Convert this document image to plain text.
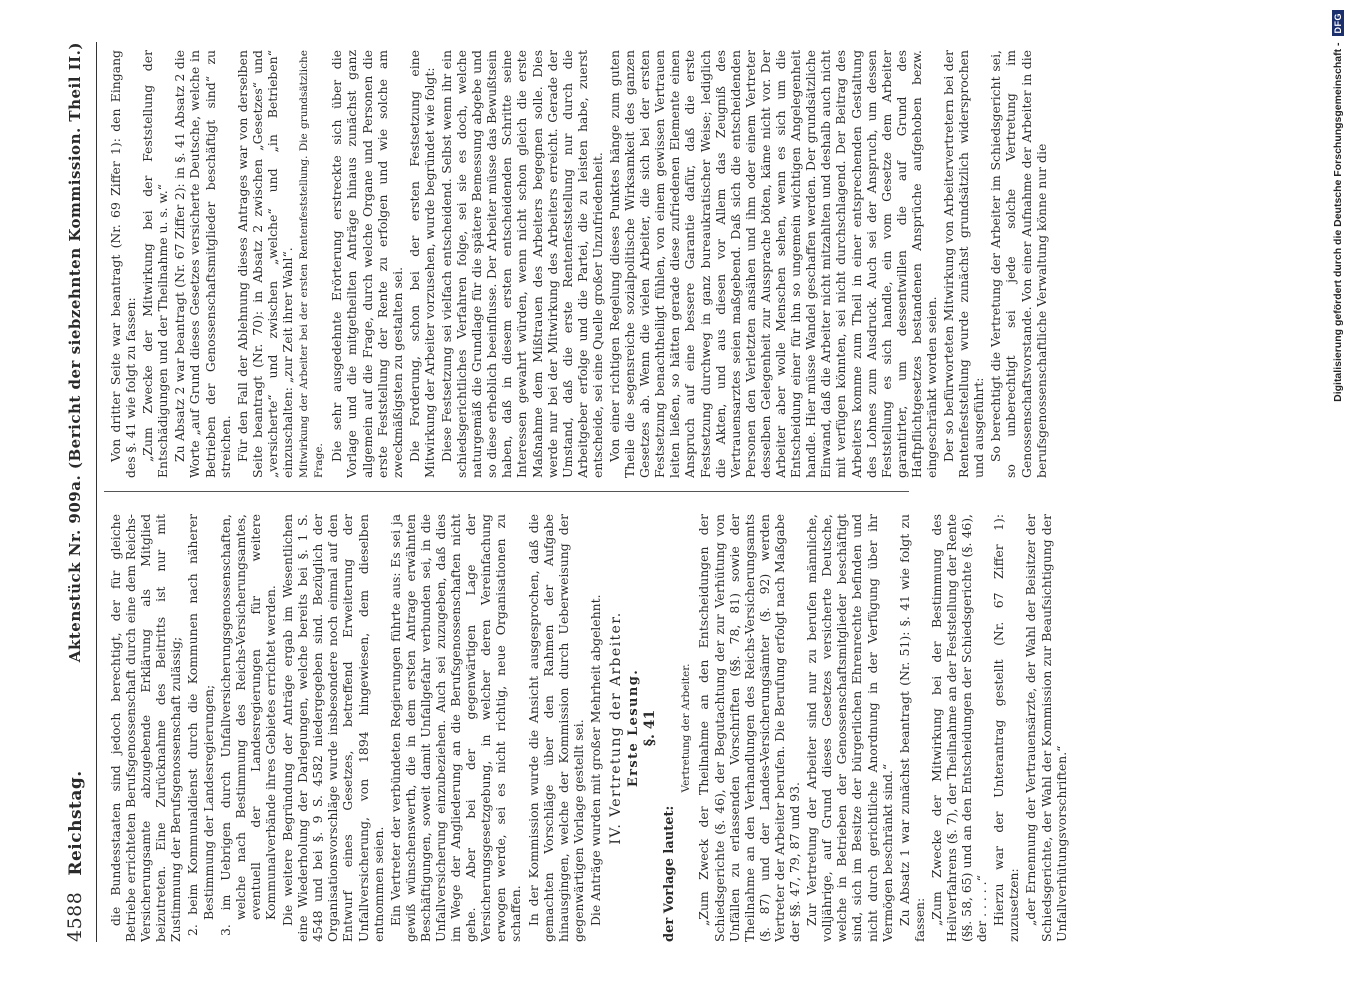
4588
Reichstag.
Aktenstück Nr. 909a. (Bericht der siebzehnten Kommission. Theil II.)

die Bundesstaaten sind jedoch berechtigt, der für gleiche Betriebe errichteten Berufsgenossenschaft durch eine dem Reichs-Versicherungsamte abzugebende Erklärung als Mitglied beizutreten. Eine Zurücknahme des Beitritts ist nur mit Zustimmung der Berufsgenossenschaft zulässig; 2. beim Kommunaldienst durch die Kommunen nach näherer Bestimmung der Landesregierungen; 3. im Uebrigen durch Unfallversicherungsgenossenschaften, welche nach Bestimmung des Reichs-Versicherungsamtes, eventuell der Landesregierungen für weitere Kommunalverbände ihres Gebietes errichtet werden. Die weitere Begründung der Anträge ergab im Wesentlichen eine Wiederholung der Darlegungen, welche bereits bei §. 1 S. 4548 und bei §. 9 S. 4582 niedergegeben sind. Bezüglich der Organisationsvorschläge wurde insbesondere noch einmal auf den Entwurf eines Gesetzes, betreffend Erweiterung der Unfallversicherung, von 1894 hingewiesen, dem dieselben entnommen seien. Ein Vertreter der verbündeten Regierungen führte aus: Es sei ja gewiß wünschenswerth, die in dem ersten Antrage erwähnten Beschäftigungen, soweit damit Unfallgefahr verbunden sei, in die Unfallversicherung einzubeziehen. Auch sei zuzugeben, daß dies im Wege der Angliederung an die Berufsgenossenschaften nicht gehe. Aber bei der gegenwärtigen Lage der Versicherungsgesetzgebung, in welcher deren Vereinfachung erwogen werde, sei es nicht richtig, neue Organisationen zu schaffen. In der Kommission wurde die Ansicht ausgesprochen, daß die gemachten Vorschläge über den Rahmen der Aufgabe hinausgingen, welche der Kommission durch Ueberweisung der gegenwärtigen Vorlage gestellt sei. Die Anträge wurden mit großer Mehrheit abgelehnt. IV. Vertretung der Arbeiter. Erste Lesung. §. 41
der Vorlage lautet:

Vertretung der Arbeiter. „Zum Zweck der Theilnahme an den Entscheidungen der Schiedsgerichte (§. 46), der Begutachtung der zur Verhütung von Unfällen zu erlassenden Vorschriften (§§. 78, 81) sowie der Theilnahme an den Verhandlungen des Reichs-Versicherungsamts (§. 87) und der Landes-Versicherungsämter (§. 92) werden Vertreter der Arbeiter berufen. Die Berufung erfolgt nach Maßgabe der §§. 47, 79, 87 und 93. Zur Vertretung der Arbeiter sind nur zu berufen männliche, volljährige, auf Grund dieses Gesetzes versicherte Deutsche, welche in Betrieben der Genossenschaftsmitglieder beschäftigt sind, sich im Besitze der bürgerlichen Ehrenrechte befinden und nicht durch gerichtliche Anordnung in der Verfügung über ihr Vermögen beschränkt sind.“ Zu Absatz 1 war zunächst beantragt (Nr. 51): §. 41 wie folgt zu fassen: „Zum Zwecke der Mitwirkung bei der Bestimmung des Heilverfahrens (§. 7), der Theilnahme an der Feststellung der Rente (§§. 58, 65) und an den Entscheidungen der Schiedsgerichte (§. 46), der . . . . .“ Hierzu war der Unterantrag gestellt (Nr. 67 Ziffer 1): zuzusetzen: „der Ernennung der Vertrauensärzte, der Wahl der Beisitzer der Schiedsgerichte, der Wahl der Kommission zur Beaufsichtigung der Unfallverhütungsvorschriften.“

Von dritter Seite war beantragt (Nr. 69 Ziffer 1): den Eingang des §. 41 wie folgt zu fassen: „Zum Zwecke der Mitwirkung bei der Feststellung der Entschädigungen und der Theilnahme u. s. w.“ Zu Absatz 2 war beantragt (Nr. 67 Ziffer 2): in §. 41 Absatz 2 die Worte „auf Grund dieses Gesetzes versicherte Deutsche, welche in Betrieben der Genossenschaftsmitglieder beschäftigt sind“ zu streichen. Für den Fall der Ablehnung dieses Antrages war von derselben Seite beantragt (Nr. 70): in Absatz 2 zwischen „Gesetzes“ und „versicherte“ und zwischen „welche“ und „in Betrieben“ einzuschalten: „zur Zeit ihrer Wahl“. Mitwirkung der Arbeiter bei der ersten Rentenfeststellung. Die grundsätzliche Frage. Die sehr ausgedehnte Erörterung erstreckte sich über die Vorlage und die mitgetheilten Anträge hinaus zunächst ganz allgemein auf die Frage, durch welche Organe und Personen die erste Feststellung der Rente zu erfolgen und wie solche am zweckmäßigsten zu gestalten sei. Die Forderung, schon bei der ersten Festsetzung eine Mitwirkung der Arbeiter vorzusehen, wurde begründet wie folgt: Diese Festsetzung sei vielfach entscheidend. Selbst wenn ihr ein schiedsgerichtliches Verfahren folge, sei sie es doch, welche naturgemäß die Grundlage für die spätere Bemessung abgebe und so diese erheblich beeinflusse. Der Arbeiter müsse das Bewußtsein haben, daß in diesem ersten entscheidenden Schritte seine Interessen gewahrt würden, wenn nicht schon gleich die erste Maßnahme dem Mißtrauen des Arbeiters begegnen solle. Dies werde nur bei der Mitwirkung des Arbeiters erreicht. Gerade der Umstand, daß die erste Rentenfeststellung nur durch die Arbeitgeber erfolge und die Partei, die zu leisten habe, zuerst entscheide, sei eine Quelle großer Unzufriedenheit. Von einer richtigen Regelung dieses Punktes hänge zum guten Theile die segensreiche sozialpolitische Wirksamkeit des ganzen Gesetzes ab. Wenn die vielen Arbeiter, die sich bei der ersten Festsetzung benachtheiligt fühlen, von einem gewissen Vertrauen leiten ließen, so hätten gerade diese zufriedenen Elemente einen Anspruch auf eine bessere Garantie dafür, daß die erste Festsetzung durchweg in ganz bureaukratischer Weise; lediglich die Akten, und aus diesen vor Allem das Zeugniß des Vertrauensarztes seien maßgebend. Daß sich die entscheidenden Personen den Verletzten ansähen und ihm oder einem Vertreter desselben Gelegenheit zur Aussprache böten, käme nicht vor. Der Arbeiter aber wolle Menschen sehen, wenn es sich um die Entscheidung einer für ihn so ungemein wichtigen Angelegenheit handle. Hier müsse Wandel geschaffen werden. Der grundsätzliche Einwand, daß die Arbeiter nicht mitzahlten und deshalb auch nicht mit verfügen könnten, sei nicht durchschlagend. Der Beitrag des Arbeiters komme zum Theil in einer entsprechenden Gestaltung des Lohnes zum Ausdruck. Auch sei der Anspruch, um dessen Feststellung es sich handle, ein vom Gesetze dem Arbeiter garantirter, um dessentwillen die auf Grund des Haftpflichtgesetzes bestandenen Ansprüche aufgehoben bezw. eingeschränkt worden seien. Der so befürworteten Mitwirkung von Arbeitervertretern bei der Rentenfeststellung wurde zunächst grundsätzlich widersprochen und ausgeführt: So berechtigt die Vertretung der Arbeiter im Schiedsgericht sei, so unberechtigt sei jede solche Vertretung im Genossenschaftsvorstande. Von einer Aufnahme der Arbeiter in die berufsgenossenschaftliche Verwaltung könne nur die	Digitalisierung gefördert durch die Deutsche Forschungsgemeinschaft -
DFG
